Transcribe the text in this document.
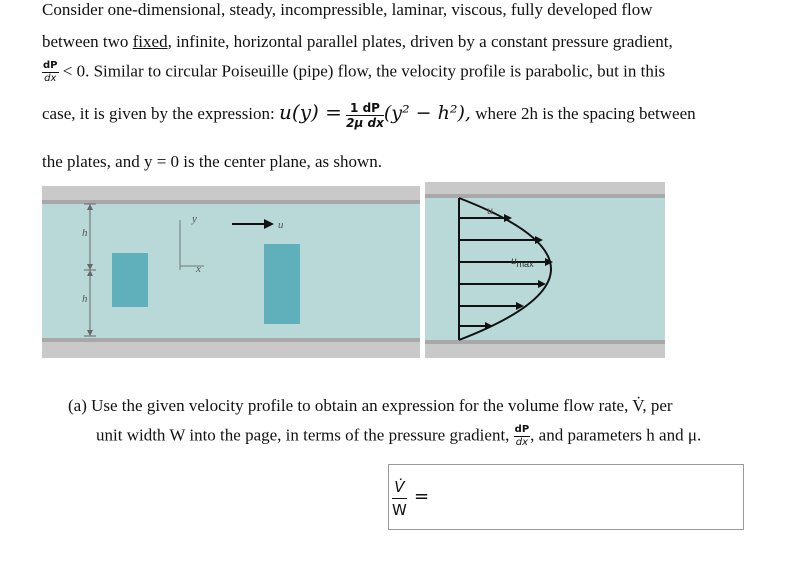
Consider one-dimensional, steady, incompressible, laminar, viscous, fully developed flow
between two fixed, infinite, horizontal parallel plates, driven by a constant pressure gradient,
$\frac{dP}{dx} < 0$. Similar to circular Poiseuille (pipe) flow, the velocity profile is parabolic, but in this
case, it is given by the expression: $u(y) = \frac{1 dP}{\text{2μ dx}} (y^2 - h^2)$, where 2h is the spacing between
the plates, and y = 0 is the center plane, as shown.
h
h
y
x
u
u
umax
(a) Use the given velocity profile to obtain an expression for the volume flow rate, V̇, per
unit width W into the page, in terms of the pressure gradient, $\frac{dP}{dx}$ , and parameters h and μ.
V̇
W
=
